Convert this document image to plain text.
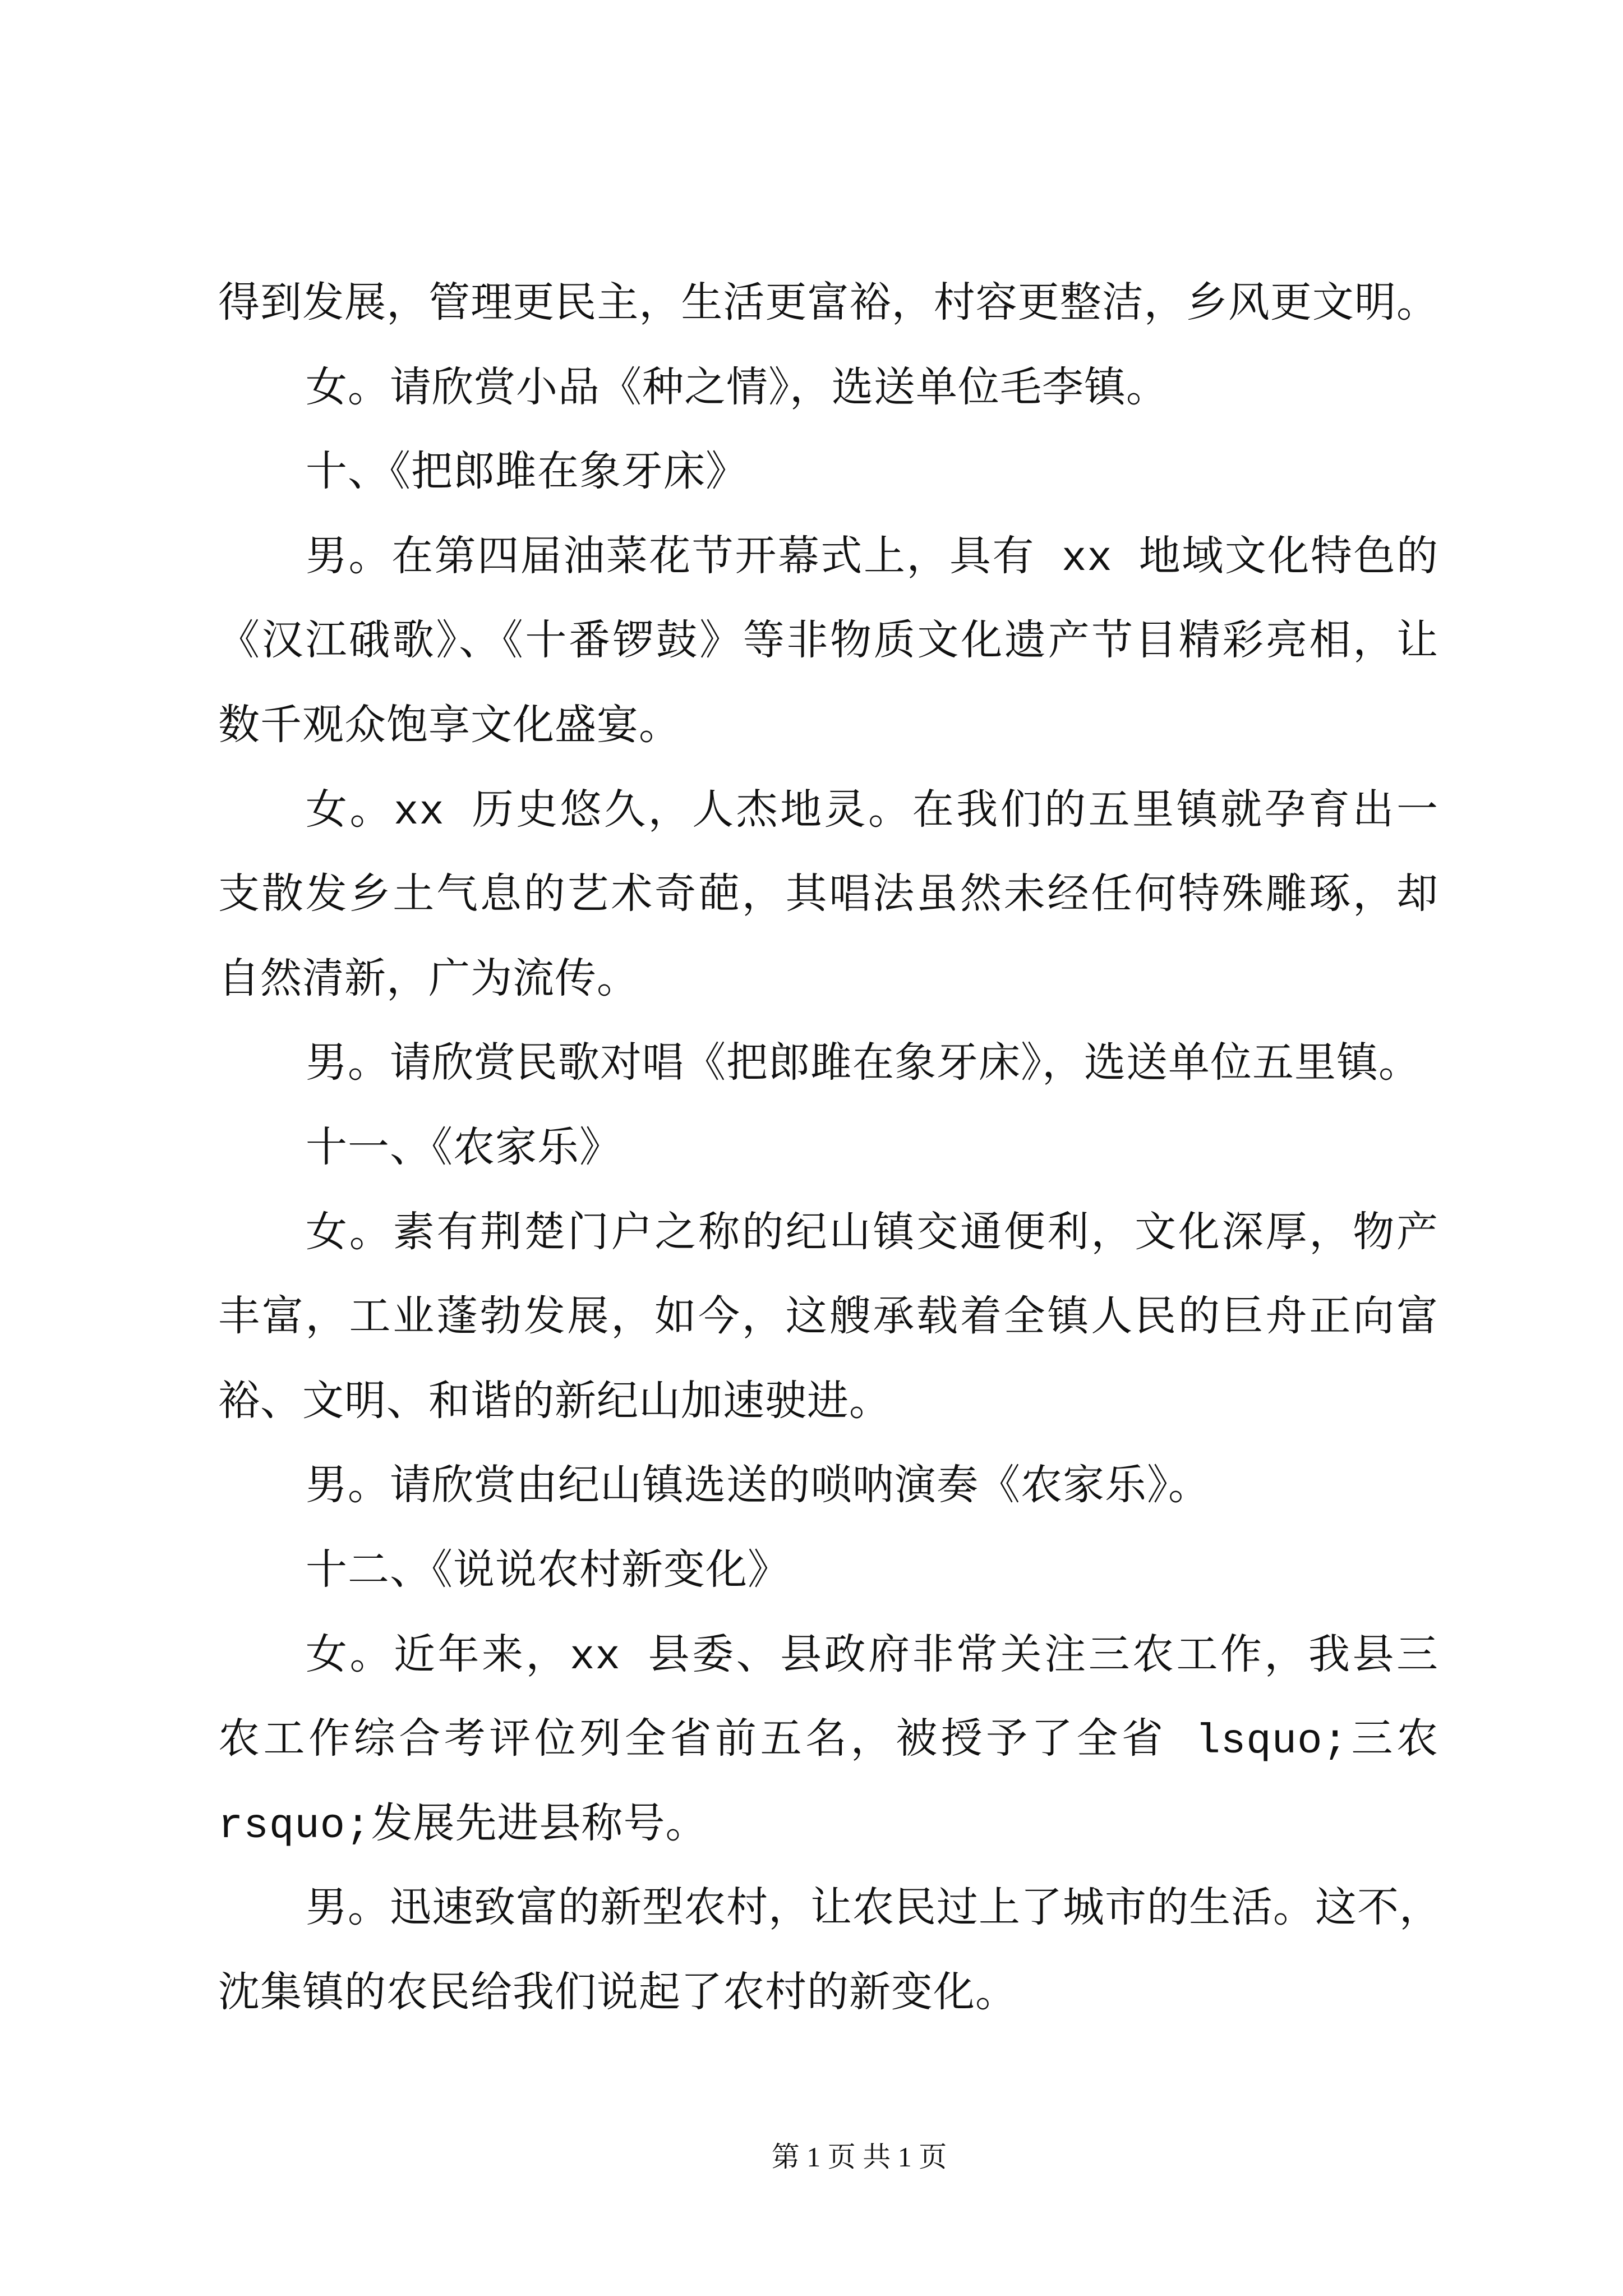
得到发展，管理更民主，生活更富裕，村容更整洁，乡风更文明。
女。请欣赏小品《种之情》，选送单位毛李镇。
十、《把郎雎在象牙床》
男。在第四届油菜花节开幕式上，具有 xx 地域文化特色的
《汉江硪歌》、《十番锣鼓》等非物质文化遗产节目精彩亮相，让
数千观众饱享文化盛宴。
女。xx 历史悠久，人杰地灵。在我们的五里镇就孕育出一
支散发乡土气息的艺术奇葩，其唱法虽然未经任何特殊雕琢，却
自然清新，广为流传。
男。请欣赏民歌对唱《把郎雎在象牙床》，选送单位五里镇。
十一、《农家乐》
女。素有荆楚门户之称的纪山镇交通便利，文化深厚，物产
丰富，工业蓬勃发展，如今，这艘承载着全镇人民的巨舟正向富
裕、文明、和谐的新纪山加速驶进。
男。请欣赏由纪山镇选送的唢呐演奏《农家乐》。
十二、《说说农村新变化》
女。近年来，xx 县委、县政府非常关注三农工作，我县三
农工作综合考评位列全省前五名，被授予了全省 lsquo;三农
rsquo;发展先进县称号。
男。迅速致富的新型农村，让农民过上了城市的生活。这不，
沈集镇的农民给我们说起了农村的新变化。
第 1 页 共 1 页
